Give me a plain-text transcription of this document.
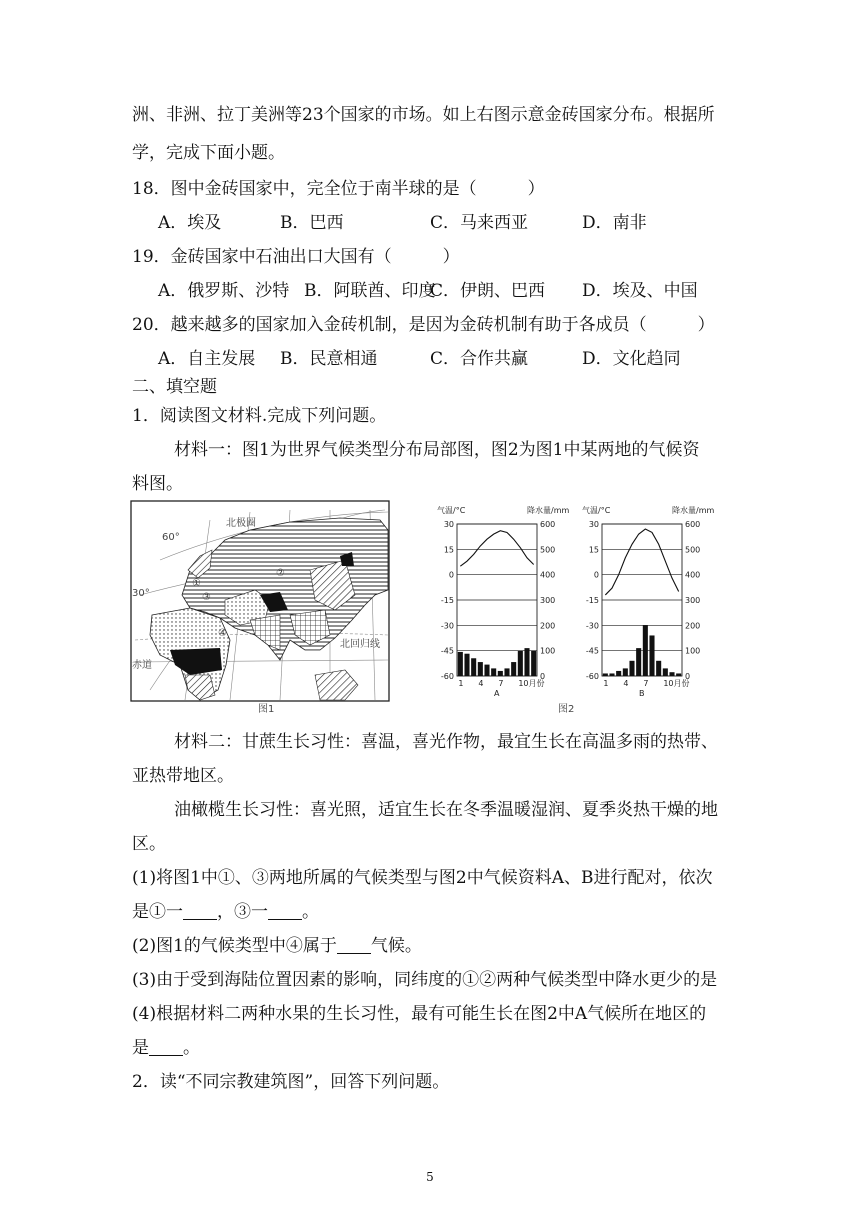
洲、非洲、拉丁美洲等23个国家的市场。如上右图示意金砖国家分布。根据所
学，完成下面小题。
18．图中金砖国家中，完全位于南半球的是（　　　）
A．埃及	B．巴西	C．马来西亚	D．南非
19．金砖国家中石油出口大国有（　　　）
A．俄罗斯、沙特 B．阿联酋、印度C．伊朗、巴西 D．埃及、中国
20．越来越多的国家加入金砖机制，是因为金砖机制有助于各成员（　　　）
A．自主发展 B．民意相通	C．合作共赢	D．文化趋同
二、填空题
1．阅读图文材料.完成下列问题。
材料一：图1为世界气候类型分布局部图，图2为图1中某两地的气候资
料图。
60°
30°
赤道
北回归线
北极圈
①
②
③
④
图1
气温/°C	降水量/mm
30
15
0
-15
-30
-45
-60
600
500
400
300
200
100
0
1 4 7 10月份
A
气温/°C	降水量/mm
30
15
0
-15
-30
-45
-60
600
500
400
300
200
100
0
1 4 7 10月份
B
图2
材料二：甘蔗生长习性：喜温，喜光作物，最宜生长在高温多雨的热带、
亚热带地区。
油橄榄生长习性：喜光照，适宜生长在冬季温暖湿润、夏季炎热干燥的地
区。
(1)将图1中①、③两地所属的气候类型与图2中气候资料A、B进行配对，依次
是①一 ，③一 。
(2)图1的气候类型中④属于 气候。
(3)由于受到海陆位置因素的影响，同纬度的①②两种气候类型中降水更少的是
(4)根据材料二两种水果的生长习性，最有可能生长在图2中A气候所在地区的
是 。
2．读“不同宗教建筑图”，回答下列问题。
5
